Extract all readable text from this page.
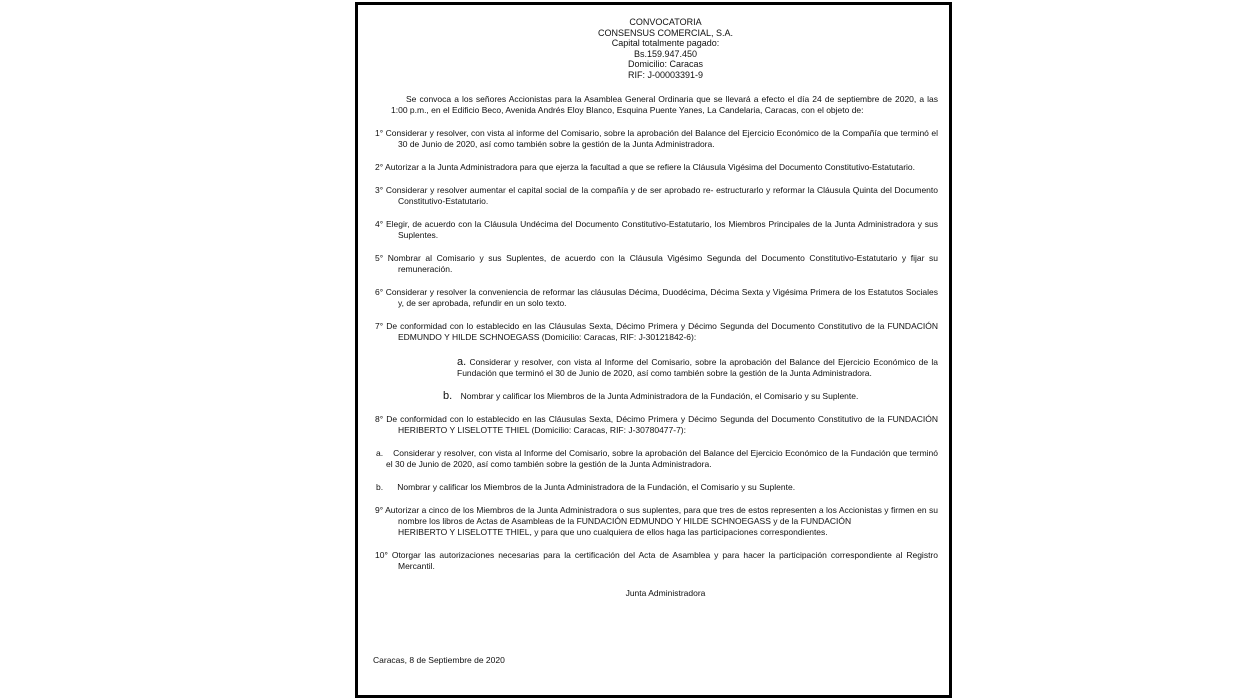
CONVOCATORIA
CONSENSUS COMERCIAL, S.A.
Capital totalmente pagado:
Bs.159.947.450
Domicilio: Caracas
RIF: J-00003391-9
Se convoca a los señores Accionistas para la Asamblea General Ordinaria que se llevará a efecto el día 24 de septiembre de 2020, a las 1:00 p.m., en el Edificio Beco, Avenida Andrés Eloy Blanco, Esquina Puente Yanes, La Candelaria, Caracas, con el objeto de:
1° Considerar y resolver, con vista al informe del Comisario, sobre la aprobación del Balance del Ejercicio Económico de la Compañía que terminó el 30 de Junio de 2020, así como también sobre la gestión de la Junta Administradora.
2° Autorizar a la Junta Administradora para que ejerza la facultad a que se refiere la Cláusula Vigésima del Documento Constitutivo-Estatutario.
3° Considerar y resolver aumentar el capital social de la compañía y de ser aprobado re- estructurarlo y reformar la Cláusula Quinta del Documento Constitutivo-Estatutario.
4° Elegir, de acuerdo con la Cláusula Undécima del Documento Constitutivo-Estatutario, los Miembros Principales de la Junta Administradora y sus Suplentes.
5° Nombrar al Comisario y sus Suplentes, de acuerdo con la Cláusula Vigésimo Segunda del Documento Constitutivo-Estatutario y fijar su remuneración.
6° Considerar y resolver la conveniencia de reformar las cláusulas Décima, Duodécima, Décima Sexta y Vigésima Primera de los Estatutos Sociales y, de ser aprobada, refundir en un solo texto.
7° De conformidad con lo establecido en las Cláusulas Sexta, Décimo Primera y Décimo Segunda del Documento Constitutivo de la FUNDACIÓN EDMUNDO Y HILDE SCHNOEGASS (Domicilio: Caracas, RIF: J-30121842-6):
a. Considerar y resolver, con vista al Informe del Comisario, sobre la aprobación del Balance del Ejercicio Económico de la Fundación que terminó el 30 de Junio de 2020, así como también sobre la gestión de la Junta Administradora.
b. Nombrar y calificar los Miembros de la Junta Administradora de la Fundación, el Comisario y su Suplente.
8° De conformidad con lo establecido en las Cláusulas Sexta, Décimo Primera y Décimo Segunda del Documento Constitutivo de la FUNDACIÓN HERIBERTO Y LISELOTTE THIEL (Domicilio: Caracas, RIF: J-30780477-7):
a. Considerar y resolver, con vista al Informe del Comisario, sobre la aprobación del Balance del Ejercicio Económico de la Fundación que terminó el 30 de Junio de 2020, así como también sobre la gestión de la Junta Administradora.
b. Nombrar y calificar los Miembros de la Junta Administradora de la Fundación, el Comisario y su Suplente.
9° Autorizar a cinco de los Miembros de la Junta Administradora o sus suplentes, para que tres de estos representen a los Accionistas y firmen en su nombre los libros de Actas de Asambleas de la FUNDACIÓN EDMUNDO Y HILDE SCHNOEGASS y de la FUNDACIÓN
HERIBERTO Y LISELOTTE THIEL, y para que uno cualquiera de ellos haga las participaciones correspondientes.
10° Otorgar las autorizaciones necesarias para la certificación del Acta de Asamblea y para hacer la participación correspondiente al Registro Mercantil.
Junta Administradora
Caracas, 8 de Septiembre de 2020
